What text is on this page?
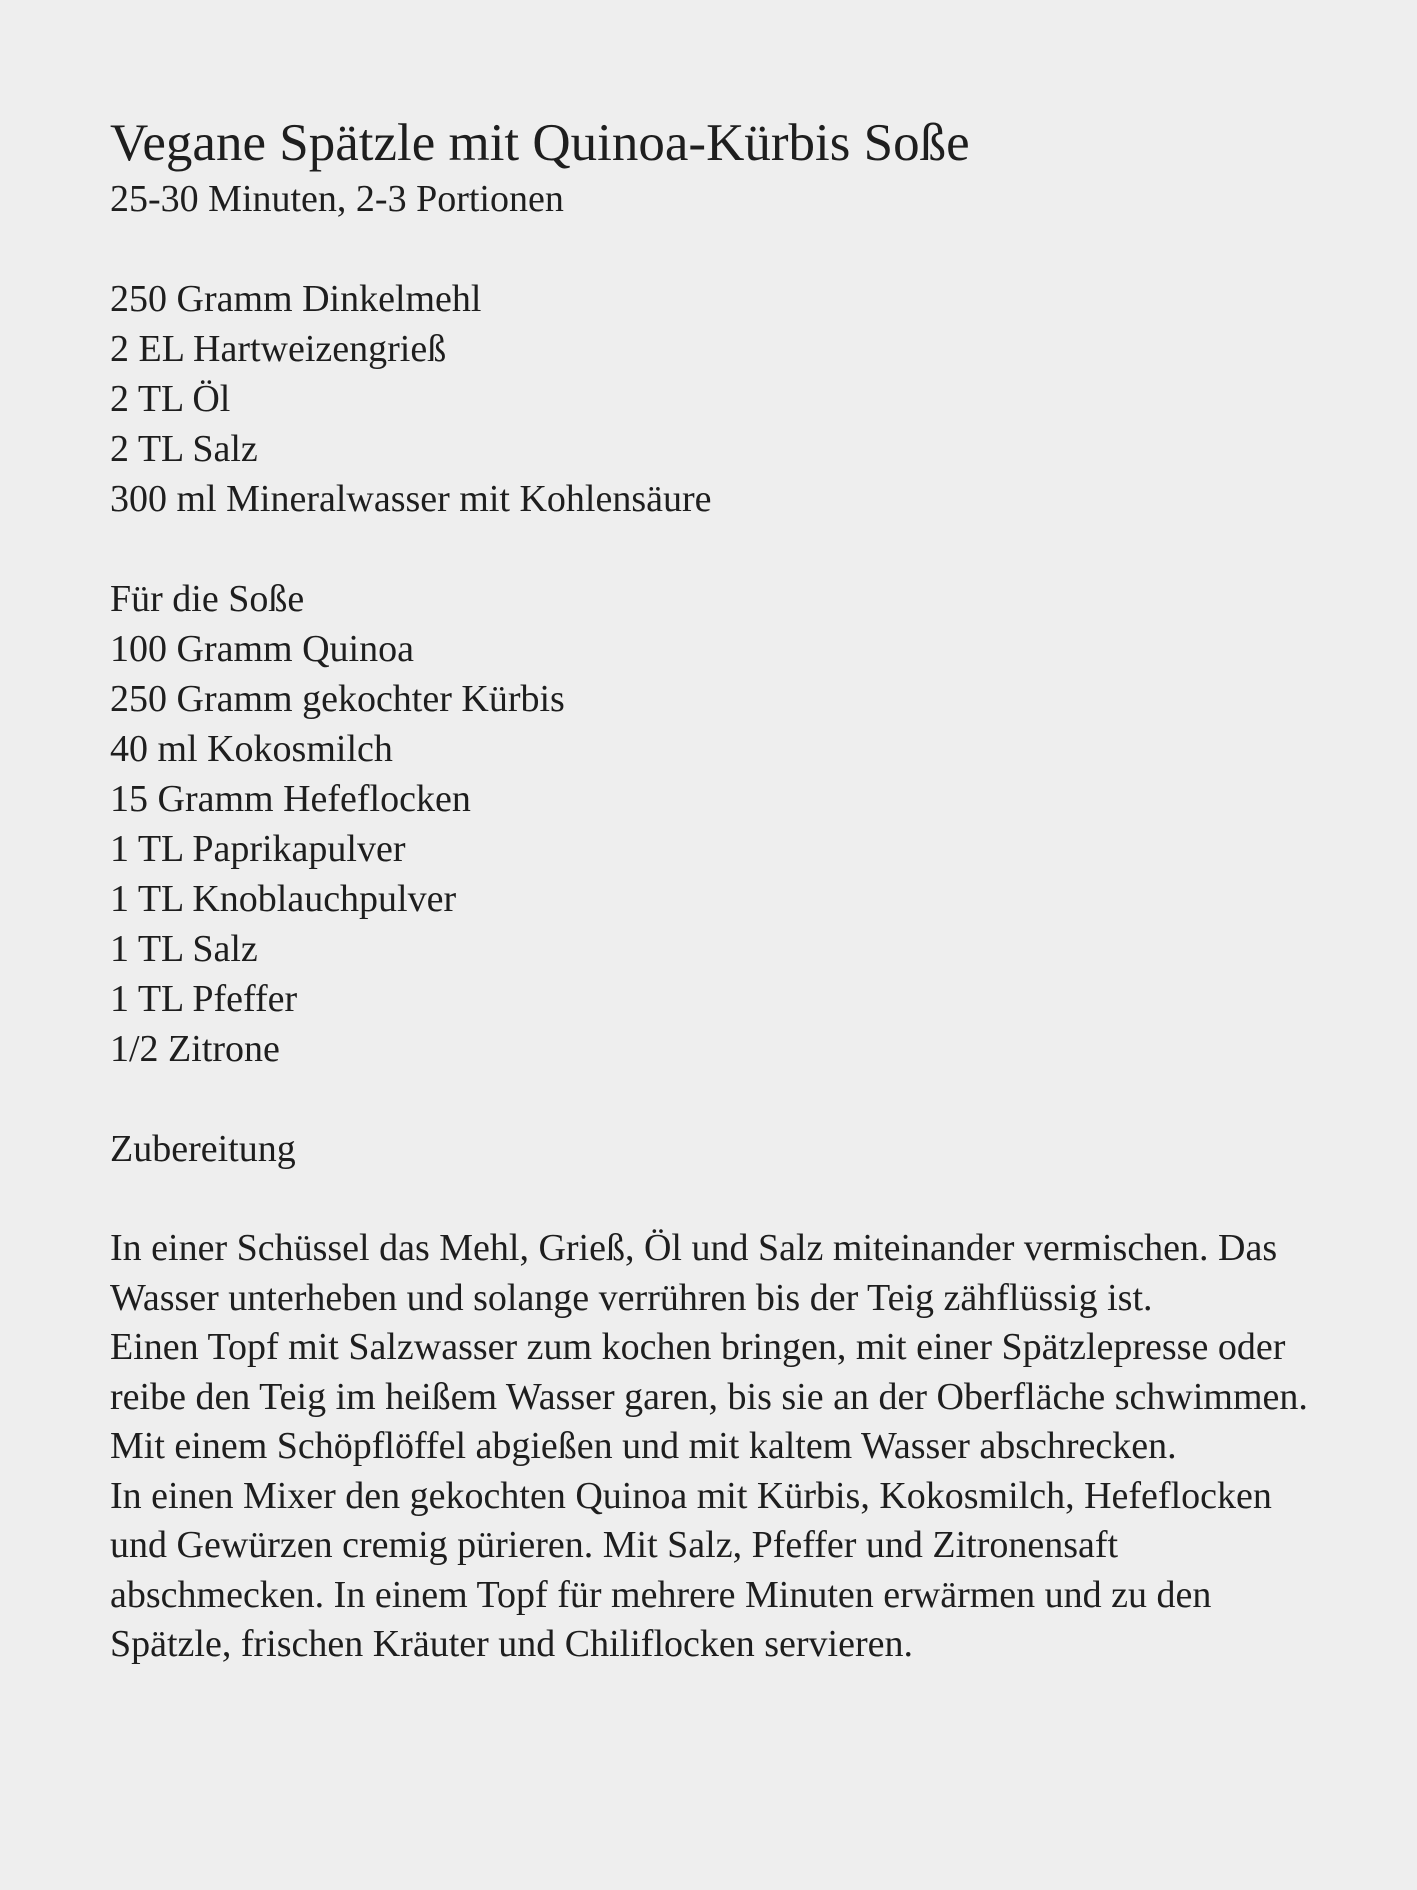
Vegane Spätzle mit Quinoa-Kürbis Soße

25-30 Minuten, 2-3 Portionen

250 Gramm Dinkelmehl
2 EL Hartweizengrieß
2 TL Öl
2 TL Salz
300 ml Mineralwasser mit Kohlensäure

Für die Soße

100 Gramm Quinoa
250 Gramm gekochter Kürbis
40 ml Kokosmilch
15 Gramm Hefeflocken
1 TL Paprikapulver
1 TL Knoblauchpulver
1 TL Salz
1 TL Pfeffer
1/2 Zitrone

Zubereitung

In einer Schüssel das Mehl, Grieß, Öl und Salz miteinander vermischen. Das Wasser unterheben und solange verrühren bis der Teig zähflüssig ist.

Einen Topf mit Salzwasser zum kochen bringen, mit einer Spätzlepresse oder reibe den Teig im heißem Wasser garen, bis sie an der Oberfläche schwimmen. Mit einem Schöpflöffel abgießen und mit kaltem Wasser abschrecken.

In einen Mixer den gekochten Quinoa mit Kürbis, Kokosmilch, Hefeflocken und Gewürzen cremig pürieren. Mit Salz, Pfeffer und Zitronensaft abschmecken. In einem Topf für mehrere Minuten erwärmen und zu den Spätzle, frischen Kräuter und Chiliflocken servieren.
